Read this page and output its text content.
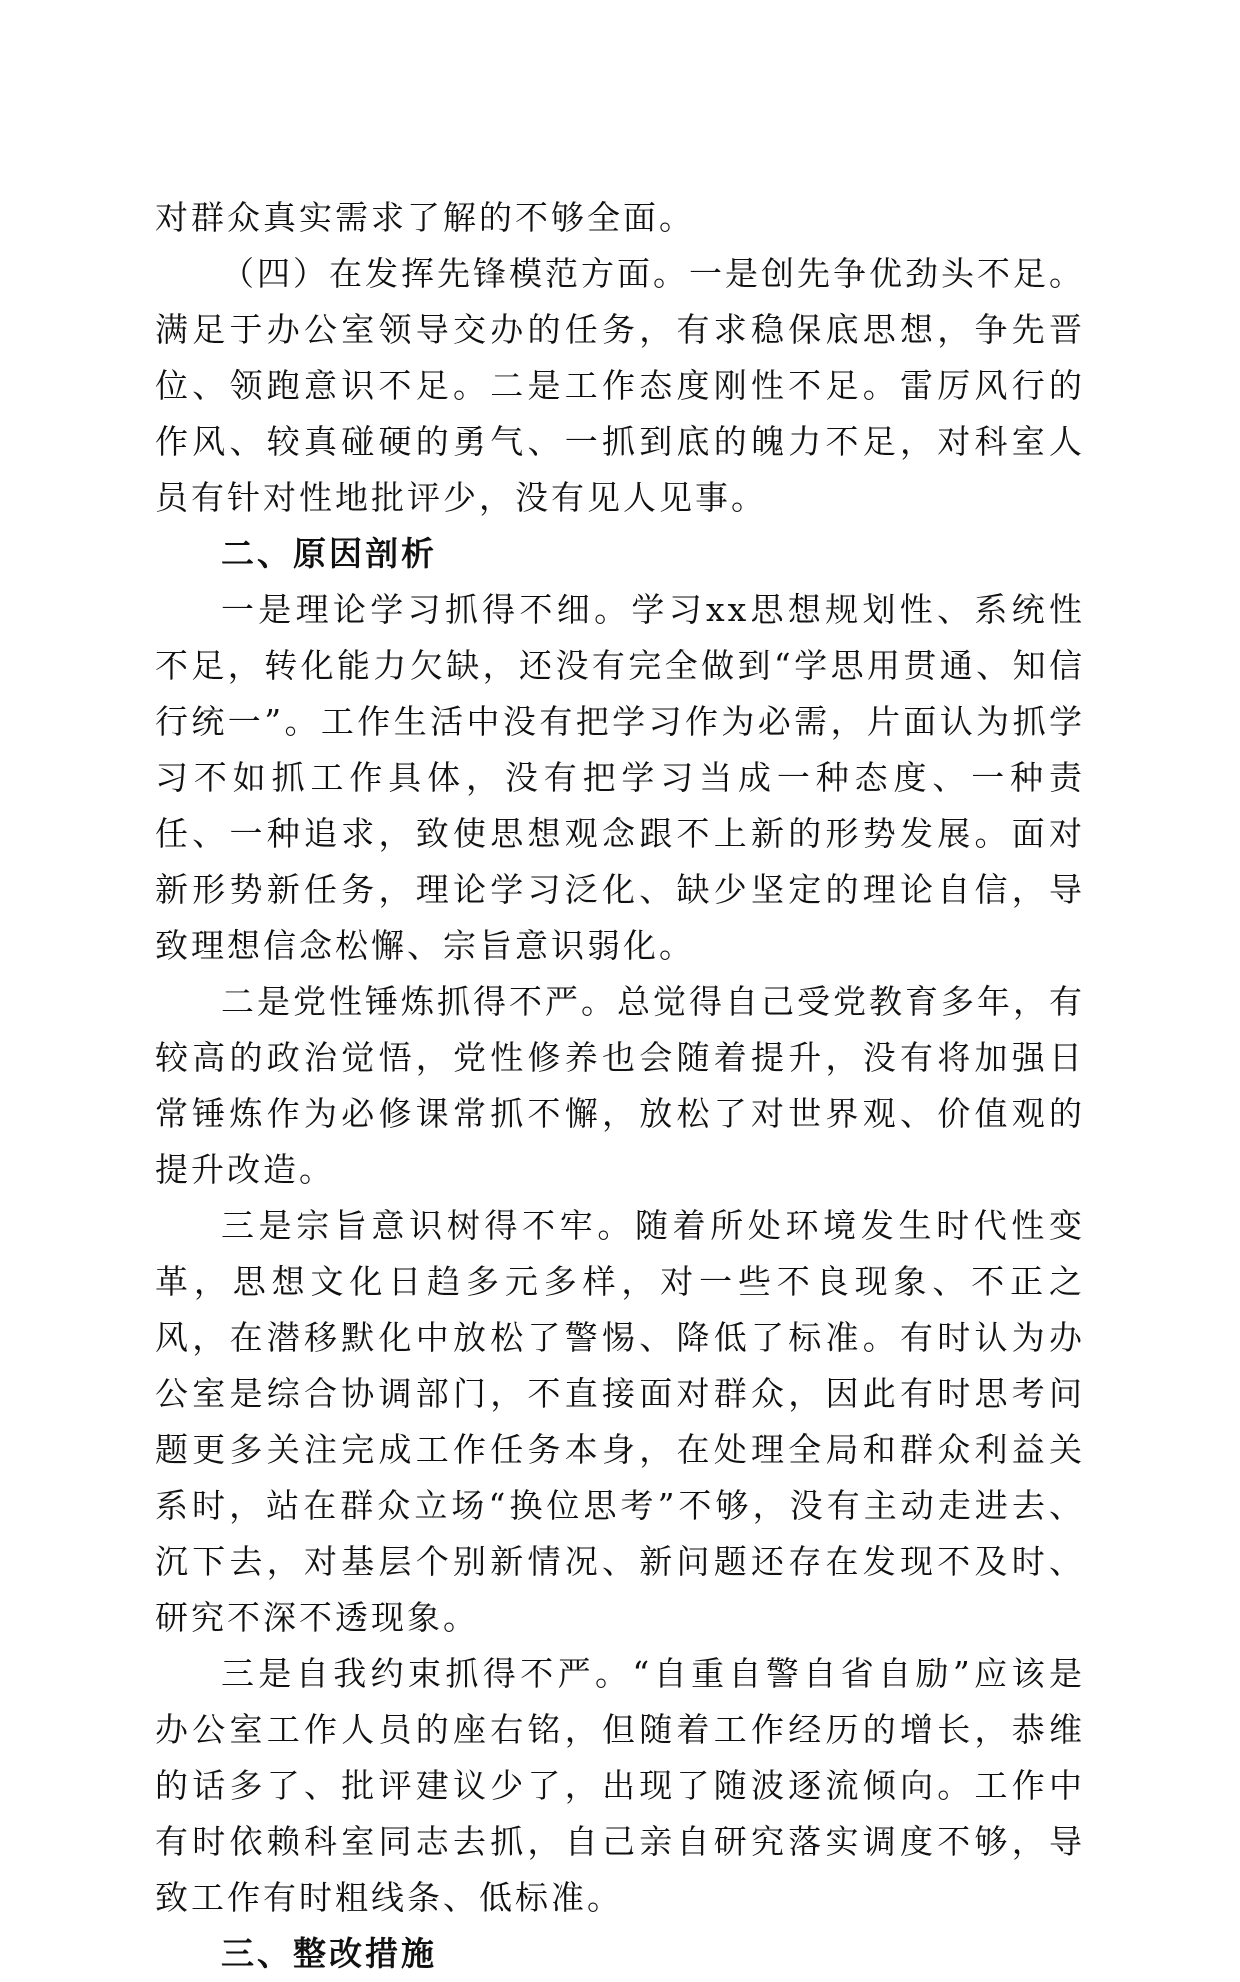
对群众真实需求了解的不够全面。

（四）在发挥先锋模范方面。一是创先争优劲头不足。满足于办公室领导交办的任务，有求稳保底思想，争先晋位、领跑意识不足。二是工作态度刚性不足。雷厉风行的作风、较真碰硬的勇气、一抓到底的魄力不足，对科室人员有针对性地批评少，没有见人见事。

二、原因剖析

一是理论学习抓得不细。学习xx思想规划性、系统性不足，转化能力欠缺，还没有完全做到“学思用贯通、知信行统一”。工作生活中没有把学习作为必需，片面认为抓学习不如抓工作具体，没有把学习当成一种态度、一种责任、一种追求，致使思想观念跟不上新的形势发展。面对新形势新任务，理论学习泛化、缺少坚定的理论自信，导致理想信念松懈、宗旨意识弱化。

二是党性锤炼抓得不严。总觉得自己受党教育多年，有较高的政治觉悟，党性修养也会随着提升，没有将加强日常锤炼作为必修课常抓不懈，放松了对世界观、价值观的提升改造。

三是宗旨意识树得不牢。随着所处环境发生时代性变革，思想文化日趋多元多样，对一些不良现象、不正之风，在潜移默化中放松了警惕、降低了标准。有时认为办公室是综合协调部门，不直接面对群众，因此有时思考问题更多关注完成工作任务本身，在处理全局和群众利益关系时，站在群众立场“换位思考”不够，没有主动走进去、沉下去，对基层个别新情况、新问题还存在发现不及时、研究不深不透现象。

三是自我约束抓得不严。“自重自警自省自励”应该是办公室工作人员的座右铭，但随着工作经历的增长，恭维的话多了、批评建议少了，出现了随波逐流倾向。工作中有时依赖科室同志去抓，自己亲自研究落实调度不够，导致工作有时粗线条、低标准。

三、整改措施
